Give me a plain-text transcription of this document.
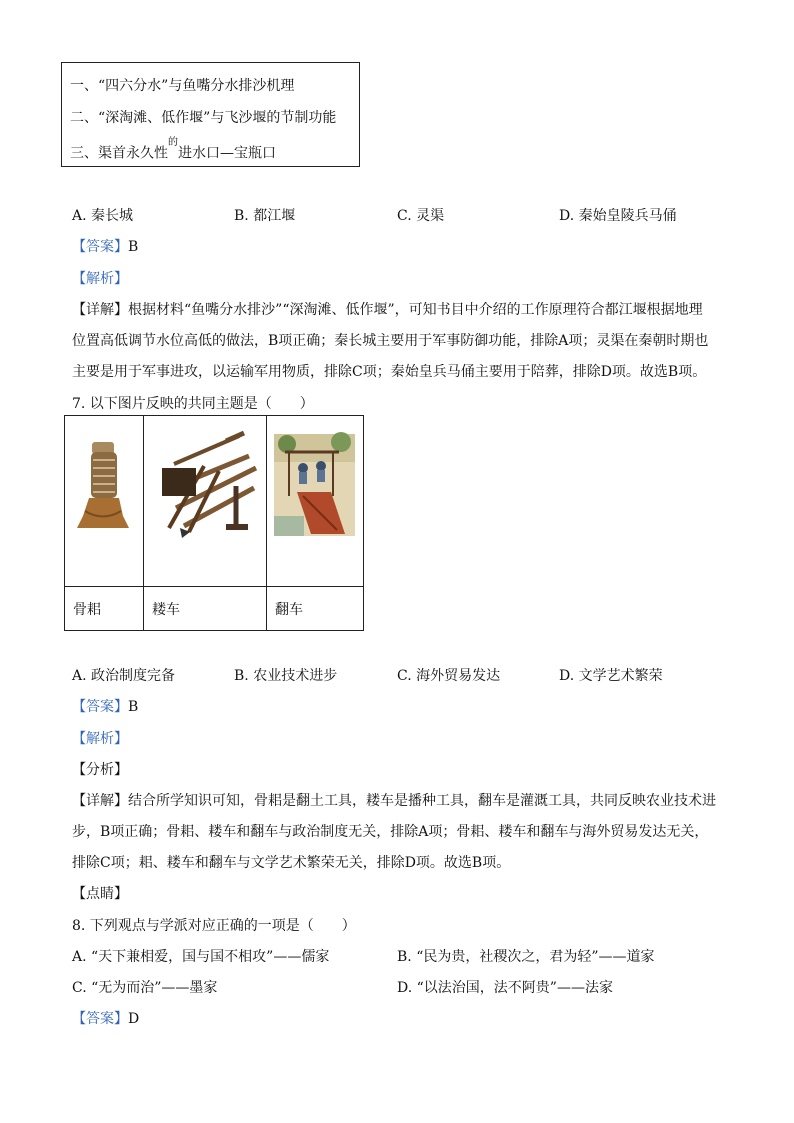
一、“四六分水”与鱼嘴分水排沙机理
二、“深淘滩、低作堰”与飞沙堰的节制功能
三、渠首永久性$^的$进水口—宝瓶口
A. 秦长城	B. 都江堰	C. 灵渠	D. 秦始皇陵兵马俑
【答案】B
【解析】
【详解】根据材料“鱼嘴分水排沙”“深淘滩、低作堰”，可知书目中介绍的工作原理符合都江堰根据地理
位置高低调节水位高低的做法，B项正确；秦长城主要用于军事防御功能，排除A项；灵渠在秦朝时期也
主要是用于军事进攻，以运输军用物质，排除C项；秦始皇兵马俑主要用于陪葬，排除D项。故选B项。
7. 以下图片反映的共同主题是（　　）

骨耜	耧车	翻车
A. 政治制度完备	B. 农业技术进步	C. 海外贸易发达	D. 文学艺术繁荣
【答案】B
【解析】
【分析】
【详解】结合所学知识可知，骨耜是翻土工具，耧车是播种工具，翻车是灌溉工具，共同反映农业技术进
步，B项正确；骨耜、耧车和翻车与政治制度无关，排除A项；骨耜、耧车和翻车与海外贸易发达无关，
排除C项；耜、耧车和翻车与文学艺术繁荣无关，排除D项。故选B项。
【点睛】
8. 下列观点与学派对应正确的一项是（　　）
A. “天下兼相爱，国与国不相攻”——儒家	B. “民为贵，社稷次之，君为轻”——道家
C. “无为而治”——墨家	D. “以法治国，法不阿贵”——法家
【答案】D
